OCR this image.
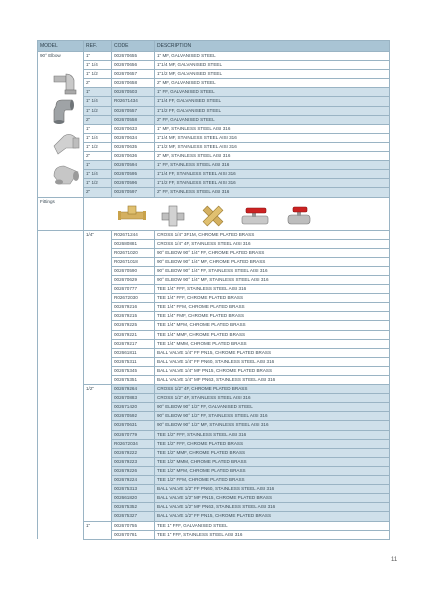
MODEL	REF.	CODE	DESCRIPTION
90° Elbow	1"	002670655	1" MF, GALVANISED STEEL
	1" 1/4	002670656	1"1/4 MF, GALVANISED STEEL
	1" 1/2	002670657	1"1/2 MF, GALVANISED STEEL
	2"	002670658	2" MF, GALVANISED STEEL
	1"	002670503	1" FF, GALVANISED STEEL
	1" 1/4	R02671434	1"1/4 FF, GALVANISED STEEL
	1" 1/2	002670557	1"1/2 FF, GALVANISED STEEL
	2"	002670558	2" FF, GALVANISED STEEL
	1"	002670633	1" MF, STAINLESS STEEL AISI 316
	1" 1/4	002670634	1"1/4 MF, STAINLESS STEEL AISI 316
	1" 1/2	002670635	1"1/2 MF, STAINLESS STEEL AISI 316
	2"	002670636	2" MF, STAINLESS STEEL AISI 316
	1"	002670594	1" FF, STAINLESS STEEL AISI 316
	1" 1/4	002670595	1"1/4 FF, STAINLESS STEEL AISI 316
	1" 1/2	002670596	1"1/2 FF, STAINLESS STEEL AISI 316
	2"	002670597	2" FF, STAINLESS STEEL AISI 316
Fittings			
	1/4"	R02671244	CROSS 1/4" 3F1M, CHROME PLATED BRASS
		002680881	CROSS 1/4" 4F, STAINLESS STEEL AISI 316
		R02671020	90° ELBOW 90° 1/4" FF, CHROME PLATED BRASS
		R02671018	90° ELBOW 90° 1/4" MF, CHROME PLATED BRASS
		002670590	90° ELBOW 90° 1/4" FF, STAINLESS STEEL AISI 316
		002670629	90° ELBOW 90° 1/4" MF, STAINLESS STEEL AISI 316
		002670777	TEE 1/4" FFF, STAINLESS STEEL AISI 316
		R02672030	TEE 1/4" FFF, CHROME PLATED BRASS
		002679216	TEE 1/4" FFM, CHROME PLATED BRASS
		002679215	TEE 1/4" FMF, CHROME PLATED BRASS
		002679225	TEE 1/4" MFM, CHROME PLATED BRASS
		002679221	TEE 1/4" MMF, CHROME PLATED BRASS
		002679217	TEE 1/4" MMM, CHROME PLATED BRASS
		002661811	BALL VALVE 1/4" FF PN15, CHROME PLATED BRASS
		002675311	BALL VALVE 1/4" FF PN60, STAINLESS STEEL AISI 316
		002675345	BALL VALVE 1/4" MF PN15, CHROME PLATED BRASS
		002675351	BALL VALVE 1/4" MF PN63, STAINLESS STEEL AISI 316
	1/2"	002679264	CROSS 1/2" 4F, CHROME PLATED BRASS
		002670883	CROSS 1/2" 4F, STAINLESS STEEL AISI 316
		002671420	90° ELBOW 90° 1/2" FF, GALVANISED STEEL
		002670592	90° ELBOW 90° 1/2" FF, STAINLESS STEEL AISI 316
		002670631	90° ELBOW 90° 1/2" MF, STAINLESS STEEL AISI 316
		002670779	TEE 1/2" FFF, STAINLESS STEEL AISI 316
		R02672034	TEE 1/2" FFF, CHROME PLATED BRASS
		002679222	TEE 1/2" MMF, CHROME PLATED BRASS
		002679223	TEE 1/2" MMM, CHROME PLATED BRASS
		002679226	TEE 1/2" MFM, CHROME PLATED BRASS
		002679224	TEE 1/2" FFM, CHROME PLATED BRASS
		002675313	BALL VALVE 1/2" FF PN60, STAINLESS STEEL AISI 316
		002661820	BALL VALVE 1/2" MF PN15, CHROME PLATED BRASS
		002675352	BALL VALVE 1/2" MF PN63, STAINLESS STEEL AISI 316
		002675327	BALL VALVE 1/2" FF PN15, CHROME PLATED BRASS
	1"	002670755	TEE 1" FFF, GALVANISED STEEL
		002670781	TEE 1" FFF, STAINLESS STEEL AISI 316
11
